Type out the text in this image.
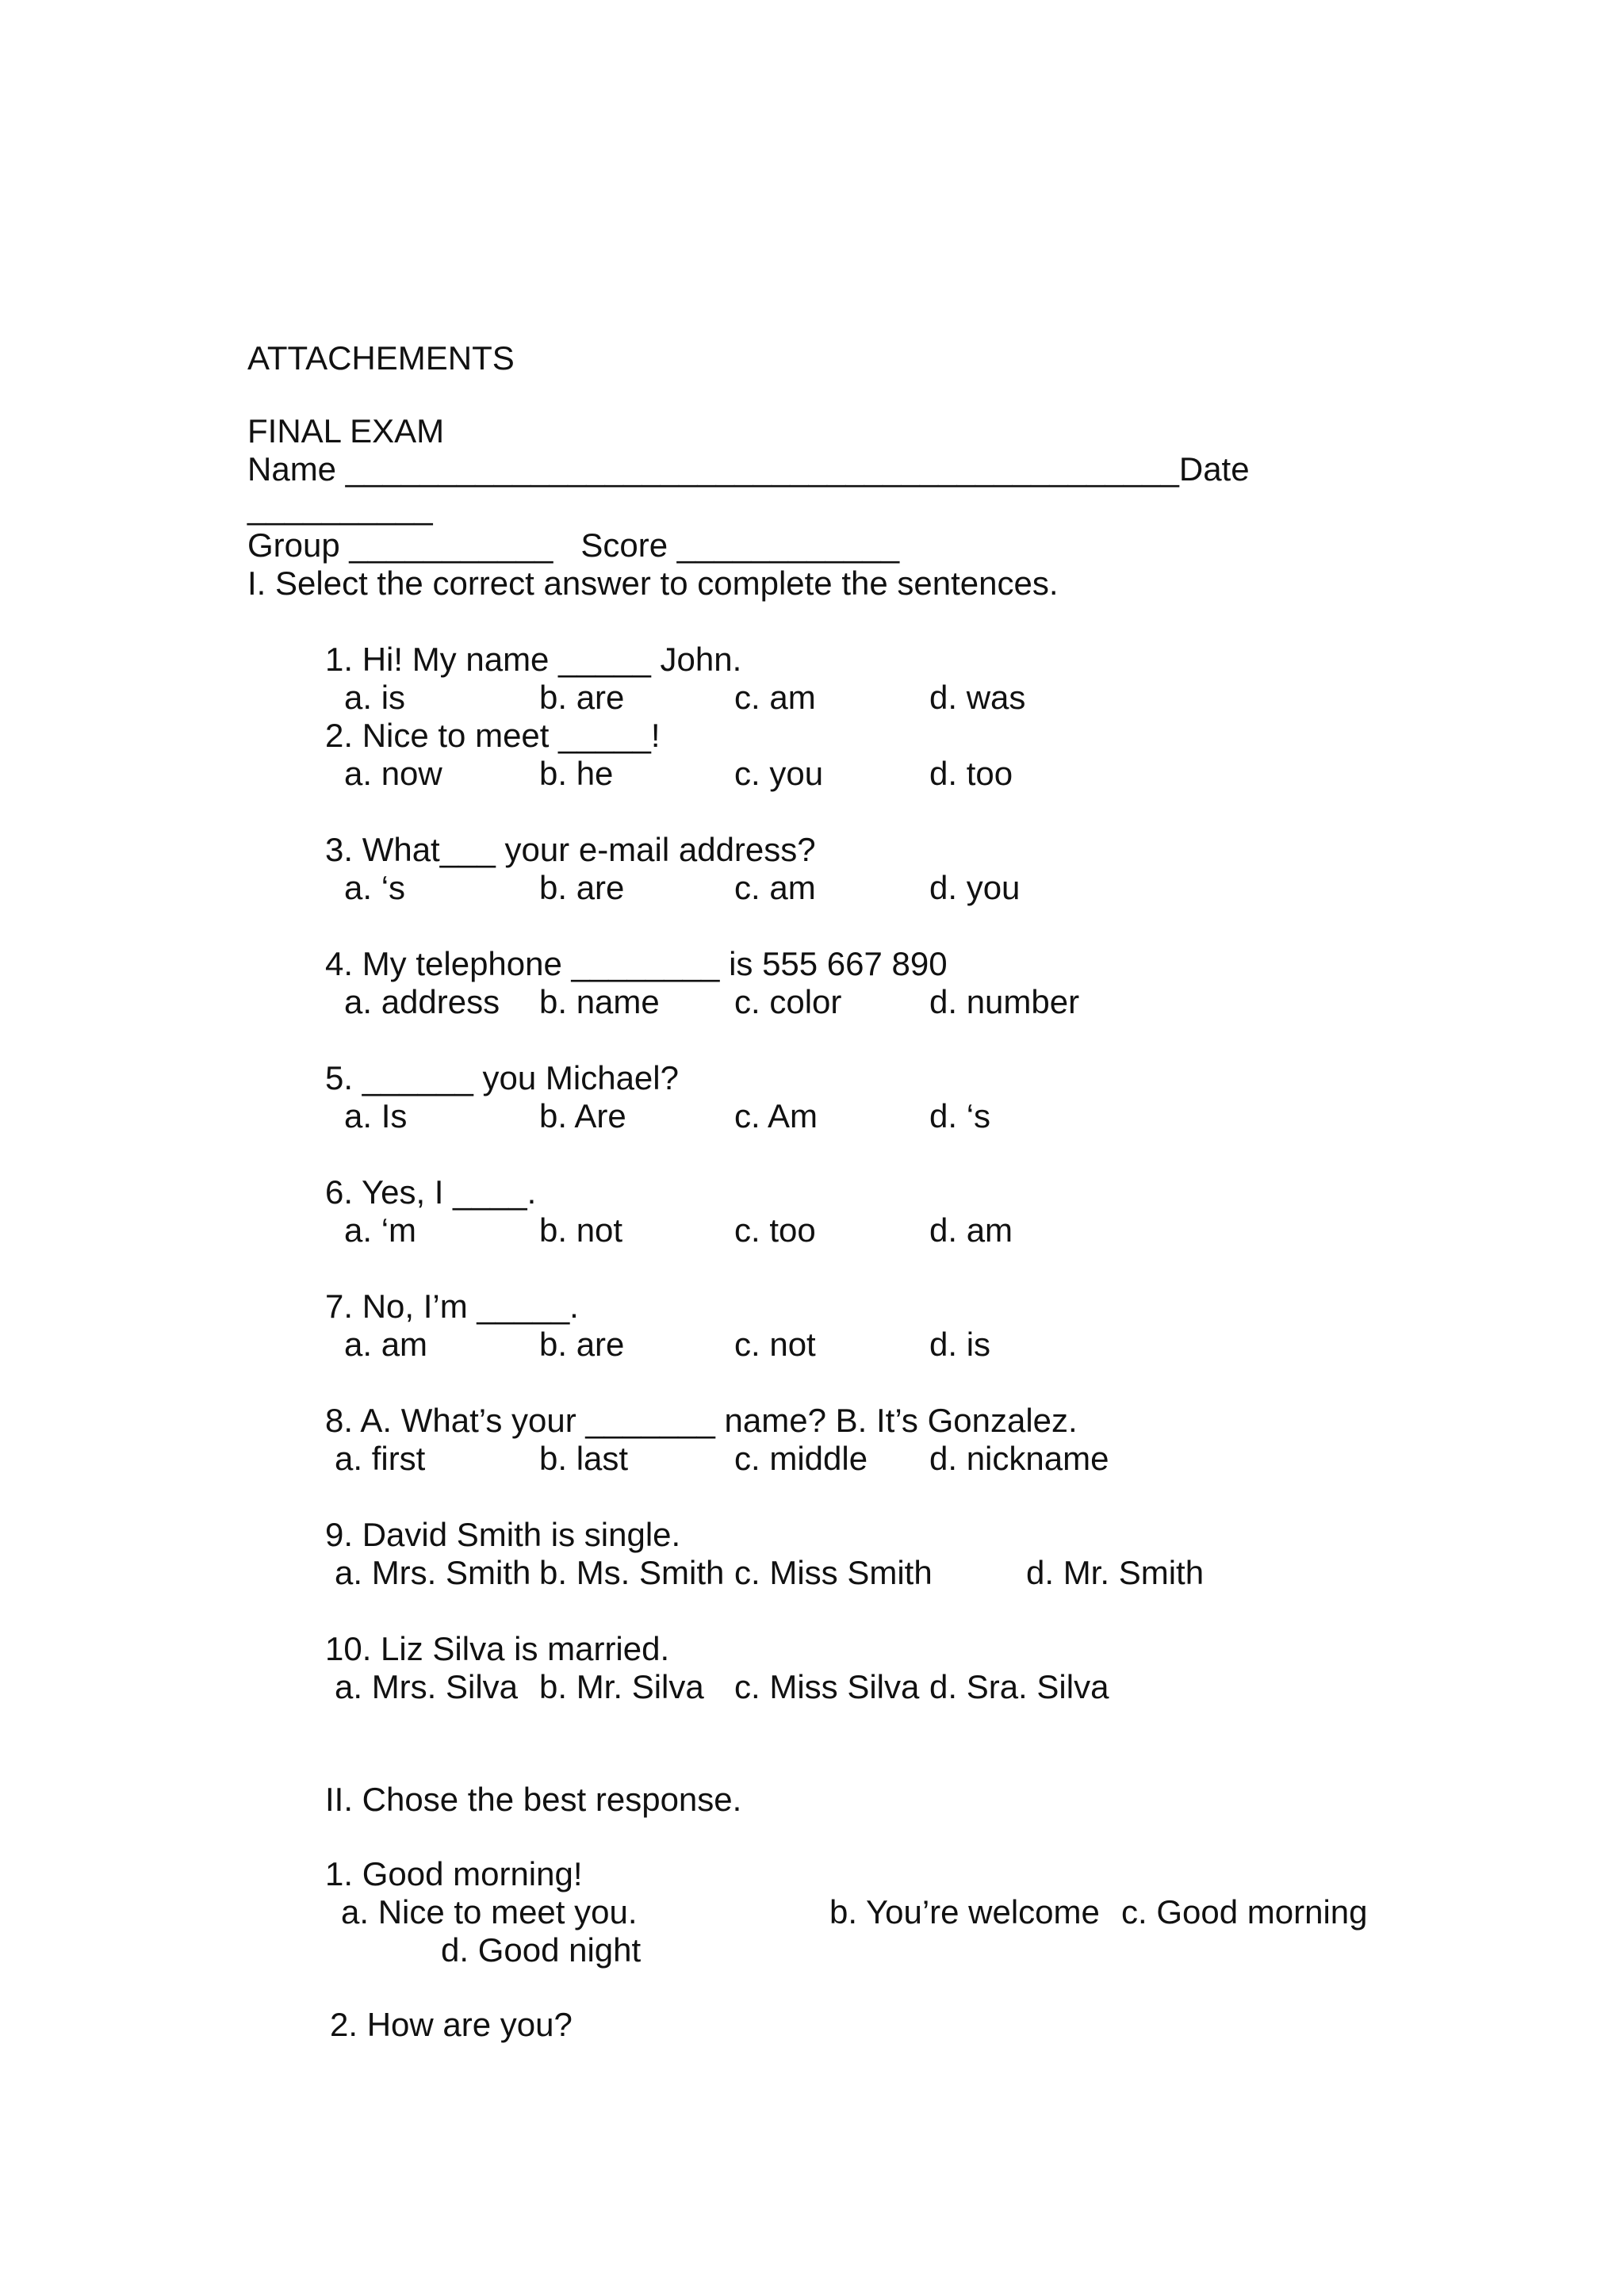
ATTACHEMENTS
FINAL EXAM
Name _____________________________________________Date
__________
Group ___________ Score ____________
I. Select the correct answer to complete the sentences.
1. Hi! My name _____ John.
a. is	b. are	c. am	d. was
2. Nice to meet _____!
a. now	b. he	c. you	d. too
3. What___ your e-mail address?
a. ‘s	b. are	c. am	d. you
4. My telephone ________ is 555 667 890
a. address b. name c. color	d. number
5. ______ you Michael?
a. Is	b. Are	c. Am	d. ‘s
6. Yes, I ____.
a. ‘m	b. not	c. too	d. am
7. No, I’m _____.
a. am	b. are	c. not	d. is
8. A. What’s your _______ name? B. It’s Gonzalez.
a. first	b. last	c. middle d. nickname
9. David Smith is single.
a. Mrs. Smith b. Ms. Smith c. Miss Smith	d. Mr. Smith
10. Liz Silva is married.
a. Mrs. Silva b. Mr. Silva c. Miss Silva d. Sra. Silva
II. Chose the best response.
1. Good morning!
a. Nice to meet you.	b. You’re welcome c. Good morning
d. Good night
2. How are you?
